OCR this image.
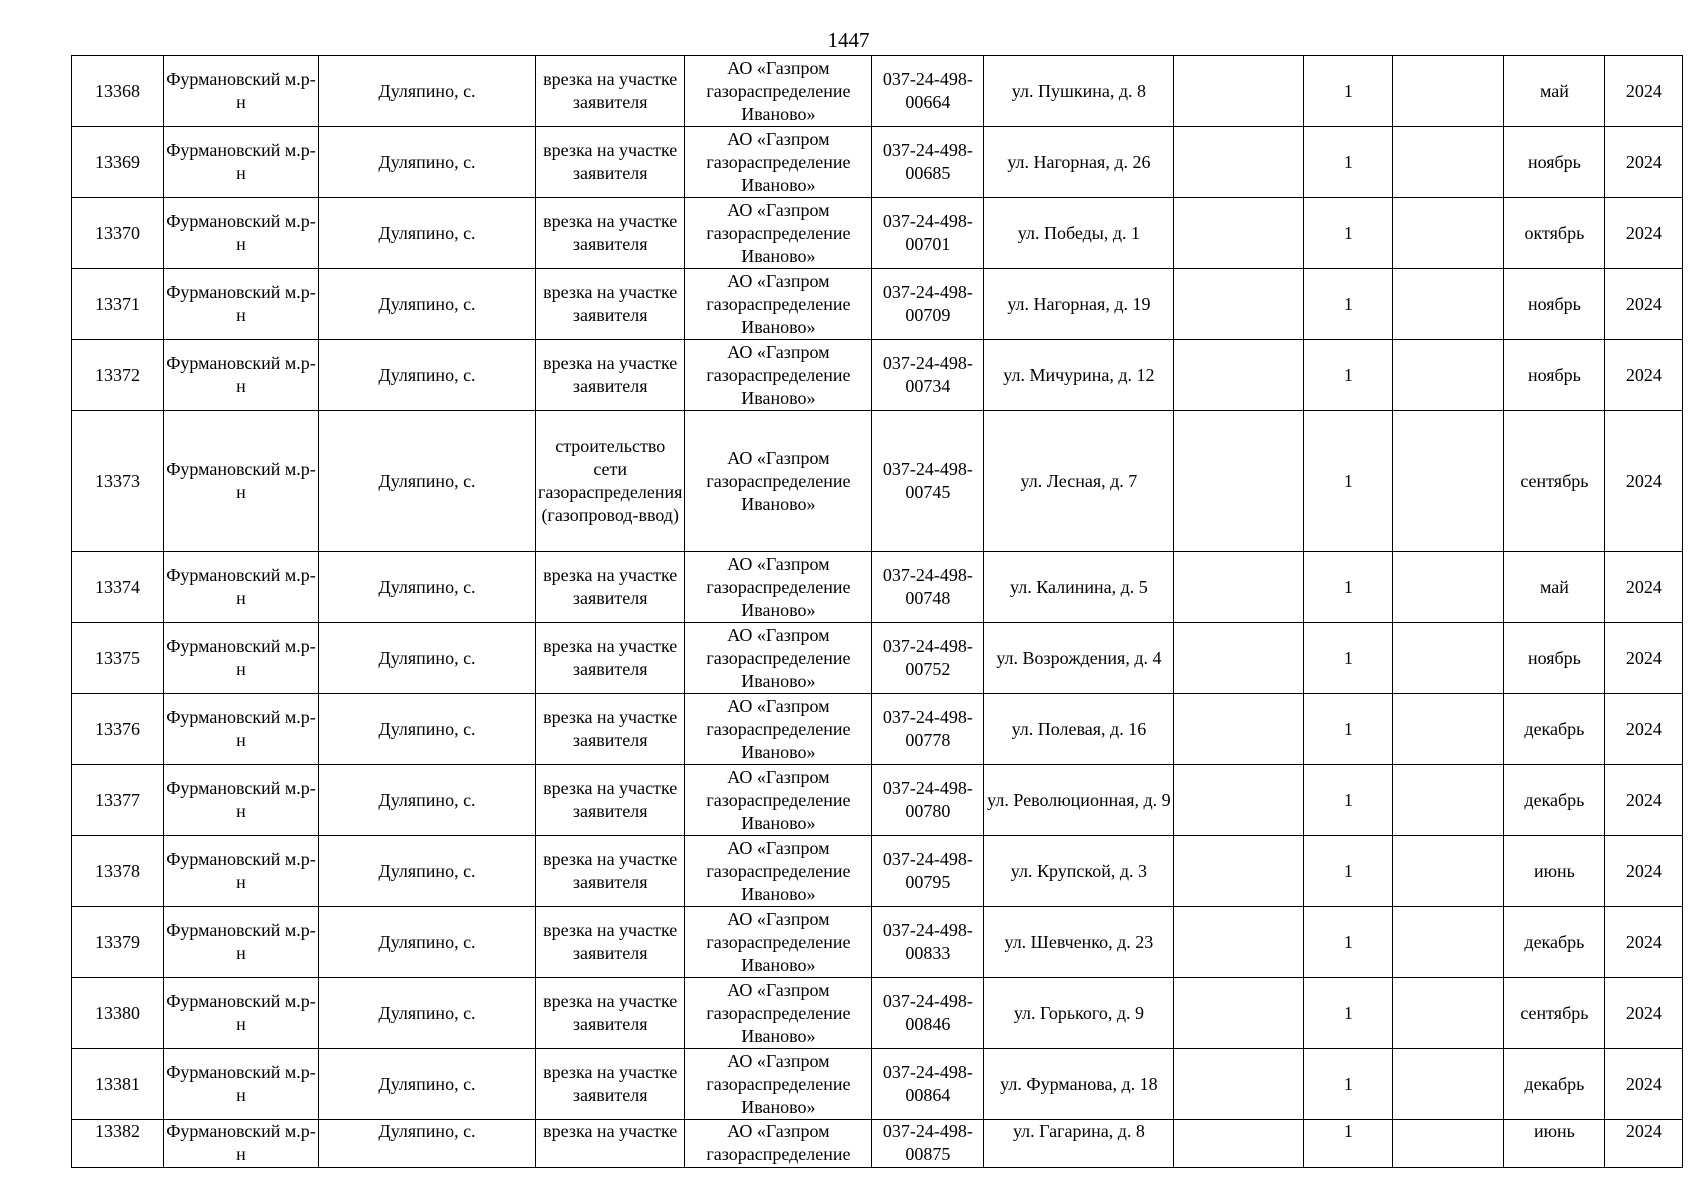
1447
13368	Фурмановский м.р-н	Дуляпино, с.	врезка на участке заявителя	АО «Газпром газораспределение Иваново»	037-24-498-00664	ул. Пушкина, д. 8		1		май	2024
13369	Фурмановский м.р-н	Дуляпино, с.	врезка на участке заявителя	АО «Газпром газораспределение Иваново»	037-24-498-00685	ул. Нагорная, д. 26		1		ноябрь	2024
13370	Фурмановский м.р-н	Дуляпино, с.	врезка на участке заявителя	АО «Газпром газораспределение Иваново»	037-24-498-00701	ул. Победы, д. 1		1		октябрь	2024
13371	Фурмановский м.р-н	Дуляпино, с.	врезка на участке заявителя	АО «Газпром газораспределение Иваново»	037-24-498-00709	ул. Нагорная, д. 19		1		ноябрь	2024
13372	Фурмановский м.р-н	Дуляпино, с.	врезка на участке заявителя	АО «Газпром газораспределение Иваново»	037-24-498-00734	ул. Мичурина, д. 12		1		ноябрь	2024
13373	Фурмановский м.р-н	Дуляпино, с.	строительство сети газораспределения (газопровод-ввод)	АО «Газпром газораспределение Иваново»	037-24-498-00745	ул. Лесная, д. 7		1		сентябрь	2024
13374	Фурмановский м.р-н	Дуляпино, с.	врезка на участке заявителя	АО «Газпром газораспределение Иваново»	037-24-498-00748	ул. Калинина, д. 5		1		май	2024
13375	Фурмановский м.р-н	Дуляпино, с.	врезка на участке заявителя	АО «Газпром газораспределение Иваново»	037-24-498-00752	ул. Возрождения, д. 4		1		ноябрь	2024
13376	Фурмановский м.р-н	Дуляпино, с.	врезка на участке заявителя	АО «Газпром газораспределение Иваново»	037-24-498-00778	ул. Полевая, д. 16		1		декабрь	2024
13377	Фурмановский м.р-н	Дуляпино, с.	врезка на участке заявителя	АО «Газпром газораспределение Иваново»	037-24-498-00780	ул. Революционная, д. 9		1		декабрь	2024
13378	Фурмановский м.р-н	Дуляпино, с.	врезка на участке заявителя	АО «Газпром газораспределение Иваново»	037-24-498-00795	ул. Крупской, д. 3		1		июнь	2024
13379	Фурмановский м.р-н	Дуляпино, с.	врезка на участке заявителя	АО «Газпром газораспределение Иваново»	037-24-498-00833	ул. Шевченко, д. 23		1		декабрь	2024
13380	Фурмановский м.р-н	Дуляпино, с.	врезка на участке заявителя	АО «Газпром газораспределение Иваново»	037-24-498-00846	ул. Горького, д. 9		1		сентябрь	2024
13381	Фурмановский м.р-н	Дуляпино, с.	врезка на участке заявителя	АО «Газпром газораспределение Иваново»	037-24-498-00864	ул. Фурманова, д. 18		1		декабрь	2024
13382	Фурмановский м.р-н	Дуляпино, с.	врезка на участке	АО «Газпром газораспределение	037-24-498-00875	ул. Гагарина, д. 8		1		июнь	2024
